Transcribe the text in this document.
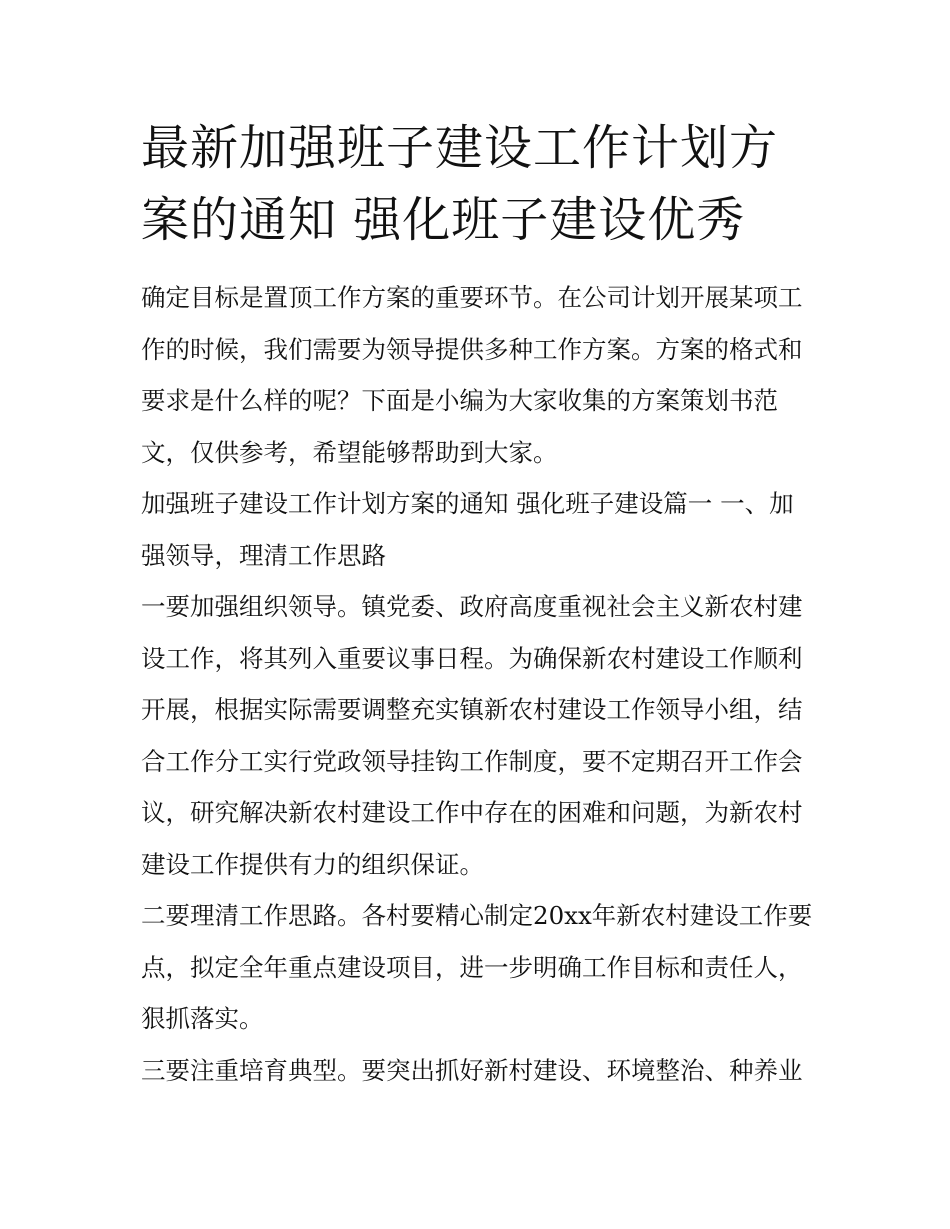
最新加强班子建设工作计划方案的通知 强化班子建设优秀

确定目标是置顶工作方案的重要环节。在公司计划开展某项工作的时候，我们需要为领导提供多种工作方案。方案的格式和要求是什么样的呢？下面是小编为大家收集的方案策划书范文，仅供参考，希望能够帮助到大家。

加强班子建设工作计划方案的通知 强化班子建设篇一 一、加强领导，理清工作思路

一要加强组织领导。镇党委、政府高度重视社会主义新农村建设工作，将其列入重要议事日程。为确保新农村建设工作顺利开展，根据实际需要调整充实镇新农村建设工作领导小组，结合工作分工实行党政领导挂钩工作制度，要不定期召开工作会议，研究解决新农村建设工作中存在的困难和问题，为新农村建设工作提供有力的组织保证。

二要理清工作思路。各村要精心制定20xx年新农村建设工作要点，拟定全年重点建设项目，进一步明确工作目标和责任人，狠抓落实。

三要注重培育典型。要突出抓好新村建设、环境整治、种养业
